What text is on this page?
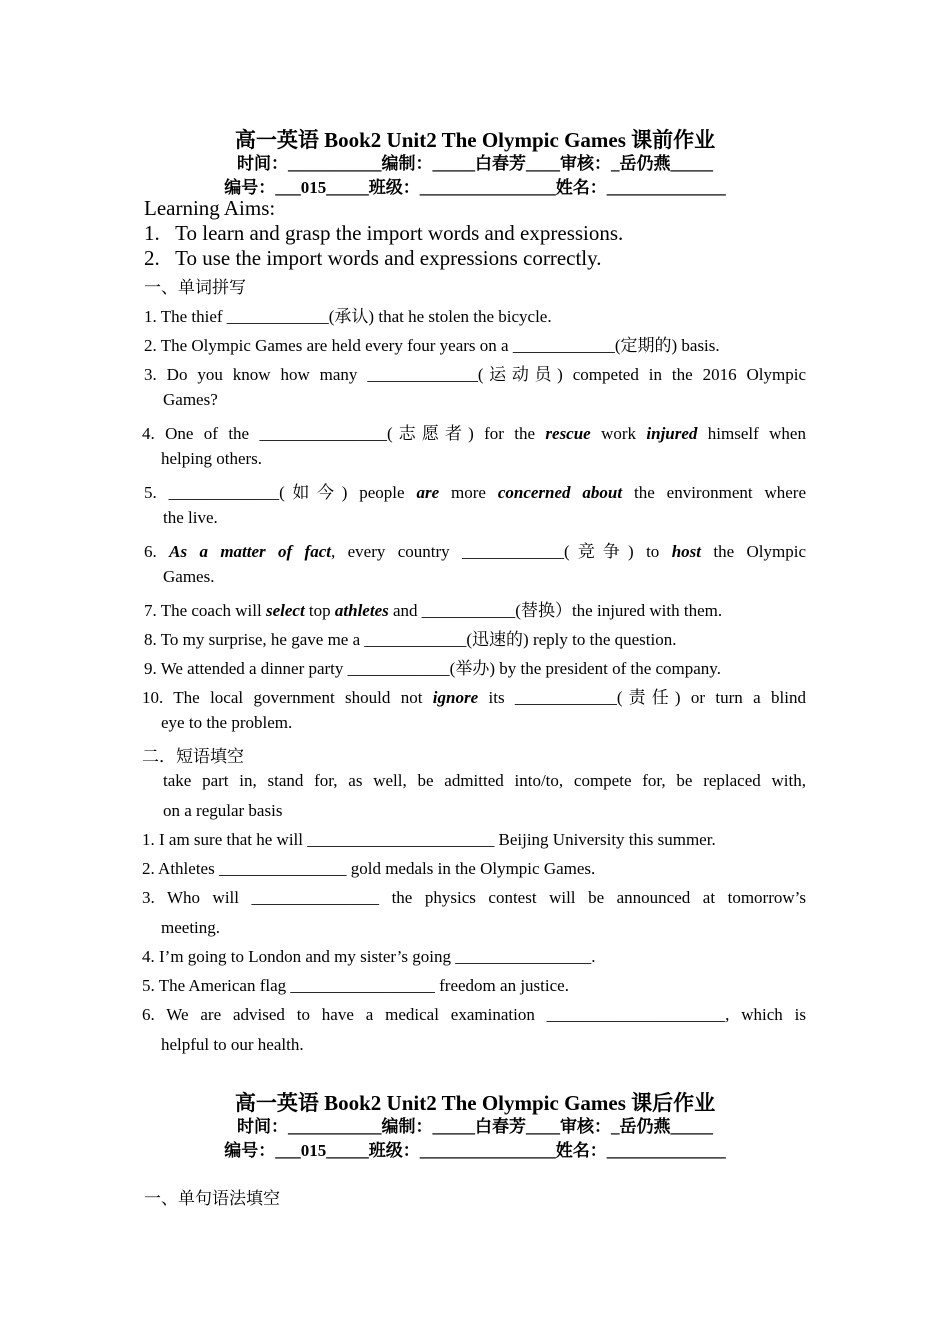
高一英语 Book2 Unit2 The Olympic Games 课前作业
时间：___________编制：_____白春芳____审核：_岳仍燕_____
编号：___015_____班级：________________姓名：______________
Learning Aims:
1.   To learn and grasp the import words and expressions.
2.   To use the import words and expressions correctly.
一、单词拼写
1. The thief ____________(承认) that he stolen the bicycle.
2. The Olympic Games are held every four years on a ____________(定期的) basis.
3. Do you know how many _____________(运动员) competed in the 2016 Olympic
Games?
4. One of the _______________(志愿者) for the rescue work injured himself when
helping others.
5. _____________(如今) people are more concerned about the environment where
the live.
6. As a matter of fact, every country ____________(竞争) to host the Olympic
Games.
7. The coach will select top athletes and ___________(替换）the injured with them.
8. To my surprise, he gave me a ____________(迅速的) reply to the question.
9. We attended a dinner party ____________(举办) by the president of the company.
10. The local government should not ignore its ____________(责任) or turn a blind
eye to the problem.
二．短语填空
take part in, stand for, as well, be admitted into/to, compete for, be replaced with,
on a regular basis
1. I am sure that he will ______________________ Beijing University this summer.
2. Athletes _______________ gold medals in the Olympic Games.
3. Who will _______________ the physics contest will be announced at tomorrow’s
meeting.
4. I’m going to London and my sister’s going ________________.
5. The American flag _________________ freedom an justice.
6. We are advised to have a medical examination _____________________, which is
helpful to our health.
高一英语 Book2 Unit2 The Olympic Games 课后作业
时间：___________编制：_____白春芳____审核：_岳仍燕_____
编号：___015_____班级：________________姓名：______________
一、单句语法填空
